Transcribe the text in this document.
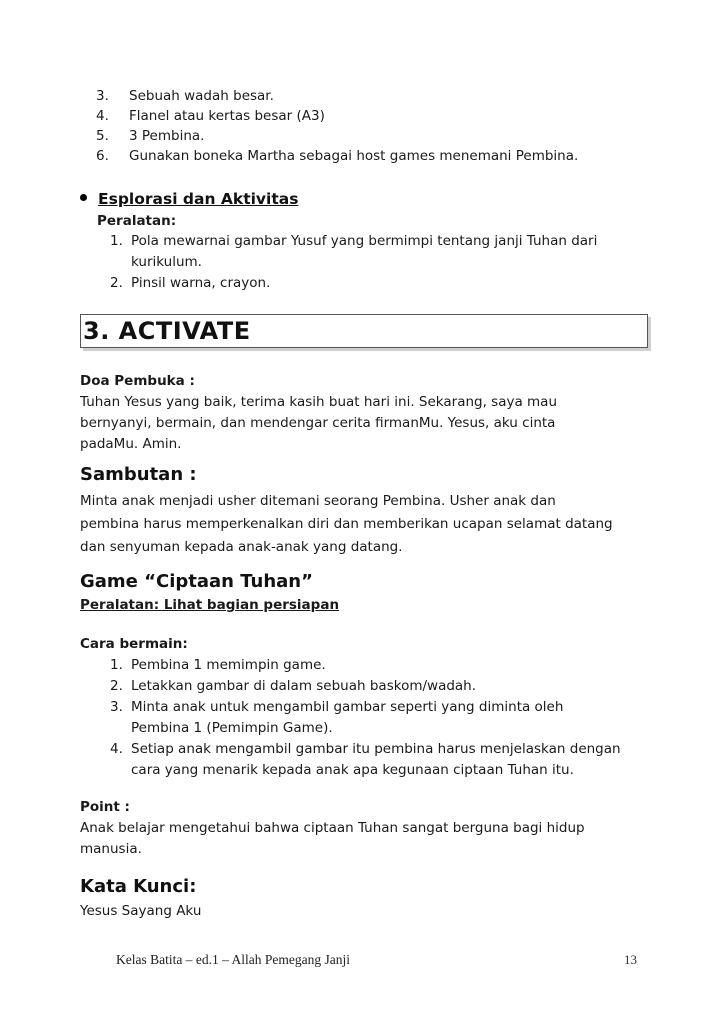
3.	Sebuah wadah besar.
4.	Flanel atau kertas besar (A3)
5.	3 Pembina.
6.	Gunakan boneka Martha sebagai host games menemani Pembina.
Esplorasi dan Aktivitas
Peralatan:
1. Pola mewarnai gambar Yusuf yang bermimpi tentang janji Tuhan dari
kurikulum.
2. Pinsil warna, crayon.
3. ACTIVATE
Doa Pembuka :
Tuhan Yesus yang baik, terima kasih buat hari ini. Sekarang, saya mau
bernyanyi, bermain, dan mendengar cerita firmanMu. Yesus, aku cinta
padaMu. Amin.
Sambutan :
Minta anak menjadi usher ditemani seorang Pembina. Usher anak dan
pembina harus memperkenalkan diri dan memberikan ucapan selamat datang
dan senyuman kepada anak-anak yang datang.
Game “Ciptaan Tuhan”
Peralatan: Lihat bagian persiapan
Cara bermain:
1. Pembina 1 memimpin game.
2. Letakkan gambar di dalam sebuah baskom/wadah.
3. Minta anak untuk mengambil gambar seperti yang diminta oleh
Pembina 1 (Pemimpin Game).
4. Setiap anak mengambil gambar itu pembina harus menjelaskan dengan
cara yang menarik kepada anak apa kegunaan ciptaan Tuhan itu.
Point :
Anak belajar mengetahui bahwa ciptaan Tuhan sangat berguna bagi hidup
manusia.
Kata Kunci:
Yesus Sayang Aku
Kelas Batita – ed.1 – Allah Pemegang Janji	13
